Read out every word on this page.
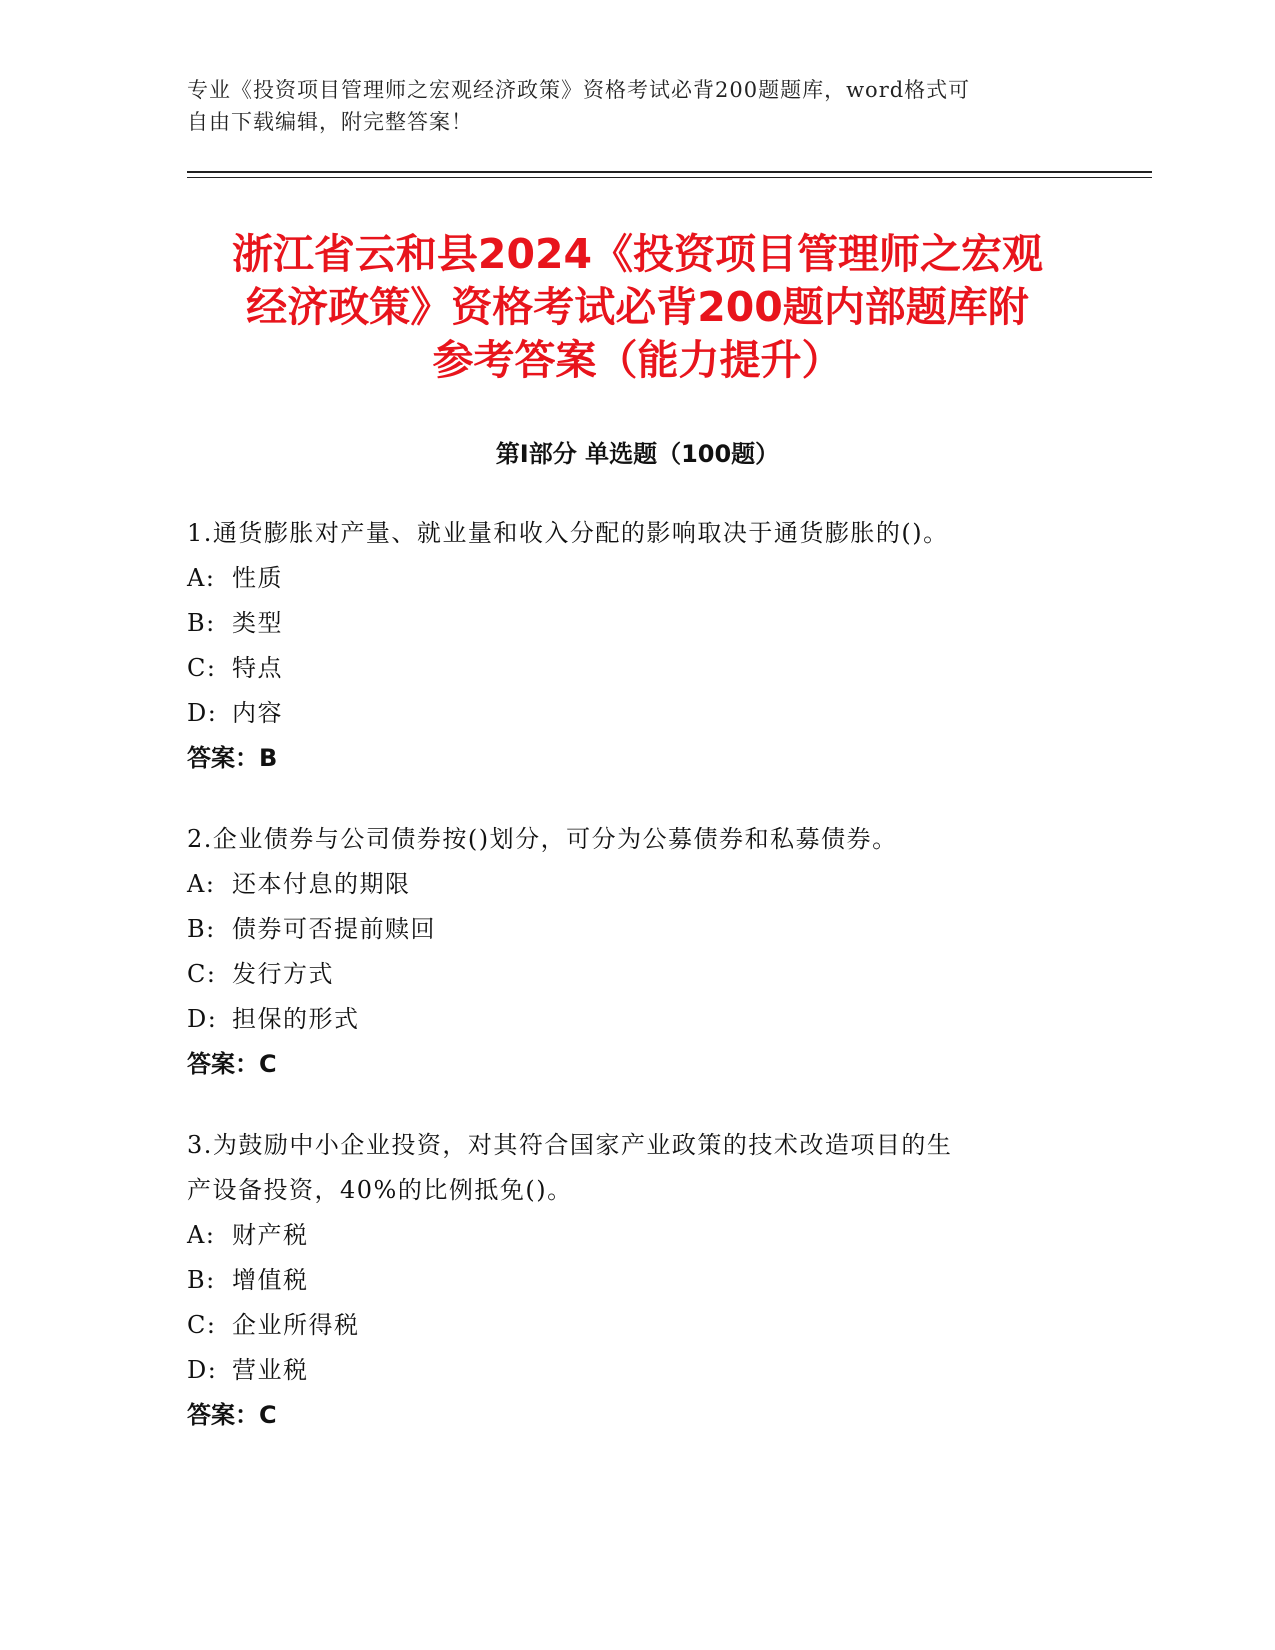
专业《投资项目管理师之宏观经济政策》资格考试必背200题题库，word格式可
自由下载编辑，附完整答案！
浙江省云和县2024《投资项目管理师之宏观
经济政策》资格考试必背200题内部题库附
参考答案（能力提升）
第I部分 单选题（100题）

1.通货膨胀对产量、就业量和收入分配的影响取决于通货膨胀的()。

A: 性质

B: 类型

C: 特点

D: 内容

答案：B

2.企业债券与公司债券按()划分，可分为公募债券和私募债券。

A: 还本付息的期限

B: 债券可否提前赎回

C: 发行方式

D: 担保的形式

答案：C

3.为鼓励中小企业投资，对其符合国家产业政策的技术改造项目的生

产设备投资，40%的比例抵免()。

A: 财产税

B: 增值税

C: 企业所得税

D: 营业税

答案：C
